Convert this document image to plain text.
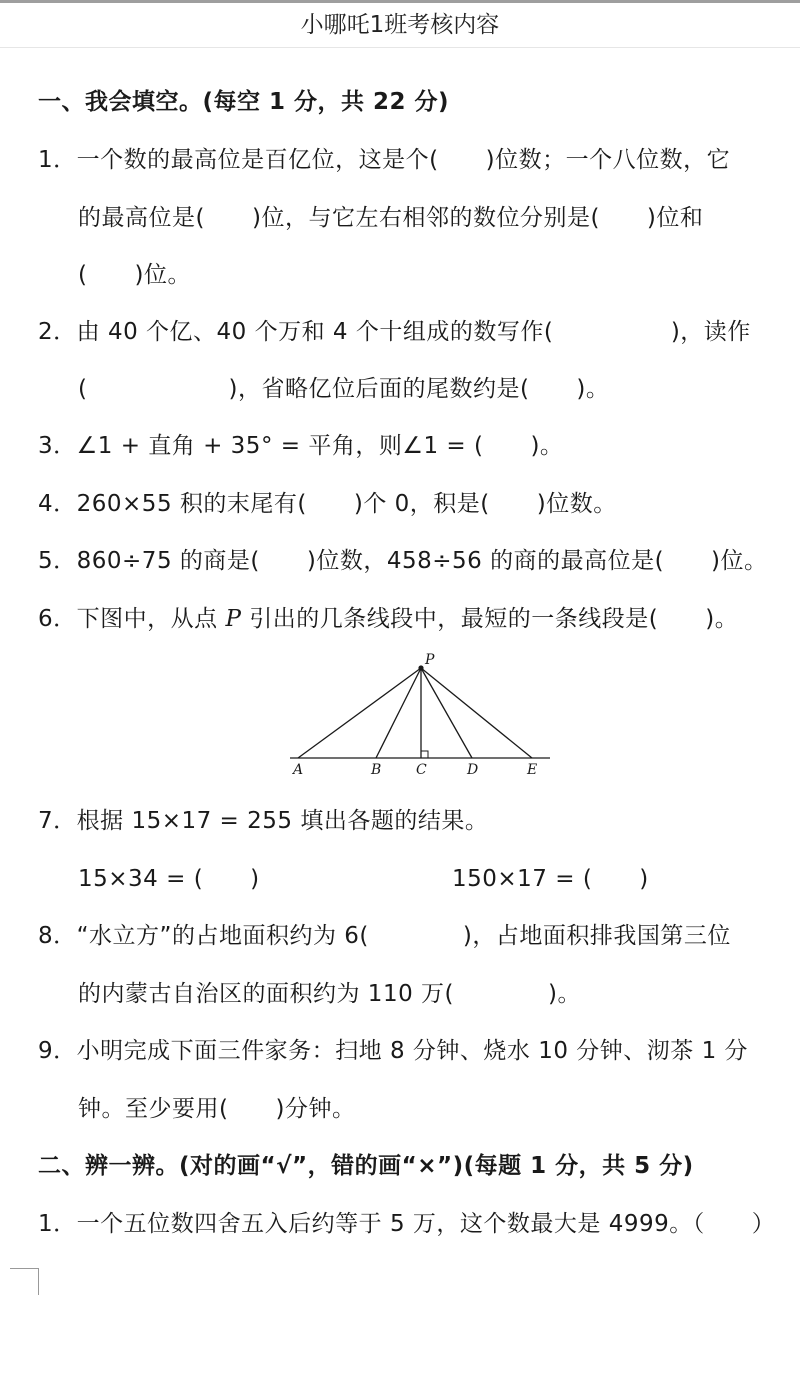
小哪吒1班考核内容
一、我会填空。(每空 1 分，共 22 分)
1．一个数的最高位是百亿位，这是个(　　)位数；一个八位数，它
的最高位是(　　)位，与它左右相邻的数位分别是(　　)位和
(　　)位。
2．由 40 个亿、40 个万和 4 个十组成的数写作(　　　　　)，读作
(　　　　　　)，省略亿位后面的尾数约是(　　)。
3．∠1 + 直角 + 35° = 平角，则∠1 = (　　)。
4．260×55 积的末尾有(　　)个 0，积是(　　)位数。
5．860÷75 的商是(　　)位数，458÷56 的商的最高位是(　　)位。
6．下图中，从点 P 引出的几条线段中，最短的一条线段是(　　)。
P
A	B C	D	E
7．根据 15×17 = 255 填出各题的结果。
15×34 = (　　)	150×17 = (　　)
8．“水立方”的占地面积约为 6(　　　　)，占地面积排我国第三位
的内蒙古自治区的面积约为 110 万(　　　　)。
9．小明完成下面三件家务：扫地 8 分钟、烧水 10 分钟、沏茶 1 分
钟。至少要用(　　)分钟。
二、辨一辨。(对的画“√”，错的画“×”)(每题 1 分，共 5 分)
1．一个五位数四舍五入后约等于 5 万，这个数最大是 4999。（　　）
